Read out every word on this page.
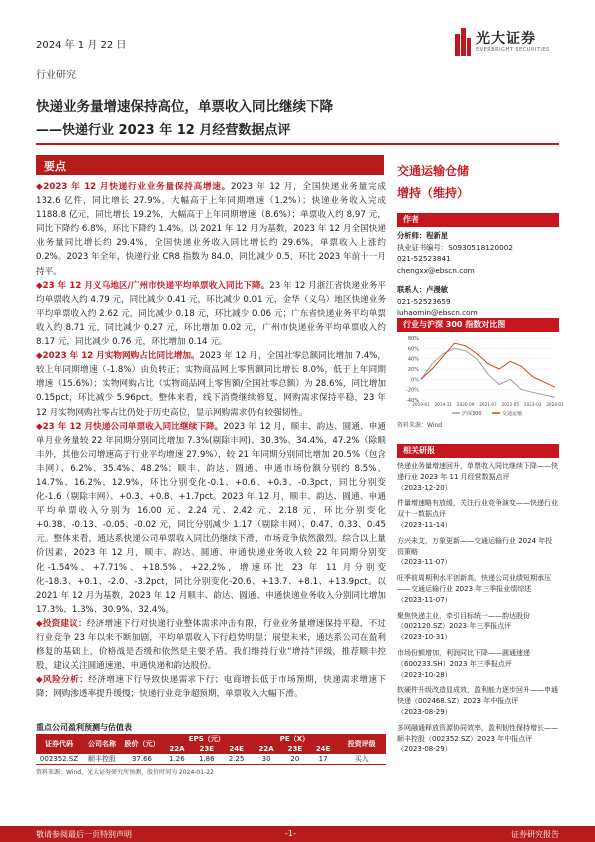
2024 年 1 月 22 日	光大证券
EVERBRIGHT SECURITIES
行业研究
快递业务量增速保持高位，单票收入同比继续下降
——快递行业 2023 年 12 月经营数据点评
要点

◆2023 年 12 月快递行业业务量保持高增速。2023 年 12 月，全国快递业务量完成 132.6 亿件，同比增长 27.9%，大幅高于上年同期增速（1.2%）；快递业务收入完成 1188.8 亿元，同比增长 19.2%，大幅高于上年同期增速（8.6%）；单票收入约 8.97 元，同比下降约 6.8%，环比下降约 1.4%。以 2021 年 12 月为基数，2023 年 12 月全国快递业务量同比增长约 29.4%，全国快递业务收入同比增长约 29.6%，单票收入上涨约 0.2%。2023 年全年，快递行业 CR8 指数为 84.0，同比减少 0.5，环比 2023 年前十一月持平。

◆23 年 12 月义乌地区/广州市快递平均单票收入同比下降。23 年 12 月浙江省快递业务平均单票收入约 4.79 元，同比减少 0.41 元，环比减少 0.01 元，金华（义乌）地区快递业务平均单票收入约 2.62 元，同比减少 0.18 元，环比减少 0.06 元；广东省快递业务平均单票收入约 8.71 元，同比减少 0.27 元，环比增加 0.02 元，广州市快递业务平均单票收入约 8.17 元，同比减少 0.76 元，环比增加 0.14 元。

◆2023 年 12 月实物网购占比同比增加。2023 年 12 月，全国社零总额同比增加 7.4%，较上年同期增速（-1.8%）由负转正；实物商品网上零售额同比增长 8.0%，低于上年同期增速（15.6%）；实物网购占比（实物商品网上零售额/全国社零总额）为 28.6%，同比增加 0.15pct，环比减少 5.96pct。整体来看，线下消费继续修复，网购需求保持平稳，23 年 12 月实物网购社零占比仍处于历史高位，显示网购需求仍有较强韧性。

◆23 年 12 月快递公司单票收入同比继续下降。2023 年 12 月，顺丰、韵达、圆通、申通单月业务量较 22 年同期分别同比增加 7.3%(剔除丰网)、30.3%、34.4%、47.2%（除顺丰外，其他公司增速高于行业平均增速 27.9%），较 21 年同期分别同比增加 20.5%（包含丰网）、6.2%、35.4%、48.2%；顺丰、韵达、圆通、申通市场份额分别约 8.5%、14.7%、16.2%、12.9%，环比分别变化-0.1、+0.6、+0.3、-0.3pct，同比分别变化-1.6（剔除丰网）、+0.3、+0.8、+1.7pct。2023 年 12 月，顺丰、韵达、圆通、申通平均单票收入分别为 16.00 元、2.24 元、2.42 元、2.18 元，环比分别变化+0.38、-0.13、-0.05、-0.02 元，同比分别减少 1.17（剔除丰网）、0.47、0.33、0.45 元。整体来看，通达系快递公司单票收入同比仍继续下滑，市场竞争依然激烈。综合以上量价因素，2023 年 12 月，顺丰、韵达、圆通、申通快递业务收入较 22 年同期分别变化-1.54%、+7.71%、+18.5%、+22.2%，增速环比 23 年 11 月分别变化-18.3、+0.1、-2.0、-3.2pct，同比分别变化-20.6、+13.7、+8.1、+13.9pct。以 2021 年 12 月为基数，2023 年 12 月顺丰、韵达、圆通、申通快递业务收入分别同比增加 17.3%、1.3%、30.9%、32.4%。

◆投资建议：经济增速下行对快递行业整体需求冲击有限，行业业务量增速保持平稳，不过行业竞争 23 年以来不断加剧，平均单票收入下行趋势明显；展望未来，通达系公司在盈利修复的基础上，价格战是否缓和依然是主要矛盾。我们维持行业“增持”评级，推荐顺丰控股，建议关注圆通速递、申通快递和韵达股份。

◆风险分析：经济增速下行导致快递需求下行；电商增长低于市场预期，快递需求增速下降；网购渗透率提升缓慢；快递行业竞争超预期，单票收入大幅下滑。

重点公司盈利预测与估值表
证券代码	公司名称	股价（元）	EPS（元）			PE（X）			投资评级
			22A	23E	24E	22A	23E	24E	
002352.SZ	顺丰控股	37.66	1.26	1.86	2.25	30	20	17	买入
资料来源：Wind，光大证券研究所预测，股价时间为 2024-01-22
交通运输仓储
增持（维持）
作者
分析师：程新星
执业证书编号：S0930518120002
021-52523841
chengxx@ebscn.com
联系人：卢漫敏
021-52523659
luhaomin@ebscn.com
行业与沪深 300 指数对比图
80%
60%
40%
20%
0%
-20%
-40%
2019-01 2019-11 2020-09 2021-07 2022-05 2023-03 2024-01
沪深300	交通运输
资料来源：Wind
相关研报
快递业务量增速回升，单票收入同比继续下降——快递行业 2023 年 11 月经营数据点评
（2023-12-20）
件量增速略有放缓，关注行业竞争演变——快递行业双十一数据点评
（2023-11-14）
方兴未艾，万象更新——交通运输行业 2024 年投资策略
（2023-11-07）
旺季前周期利水平创新高，快递公司业绩短期承压——交通运输行业 2023 年三季报业绩综述
（2023-11-07）
聚焦快递主业，牵引目标统一——韵达股份（002120.SZ）2023 年三季报点评
（2023-10-31）
市场份额增加，利润同比下降——圆通速递（600233.SH）2023 年三季报点评
（2023-10-28）
软硬件升级改造显成效，盈利能力逐步回升——申通快递（002468.SZ）2023 年中报点评
（2023-08-29）
多网融通释放资源协同效率，盈利韧性保持增长——顺丰控股（002352.SZ）2023 年中报点评
（2023-08-29）
敬请参阅最后一页特别声明	-1-	证券研究报告
